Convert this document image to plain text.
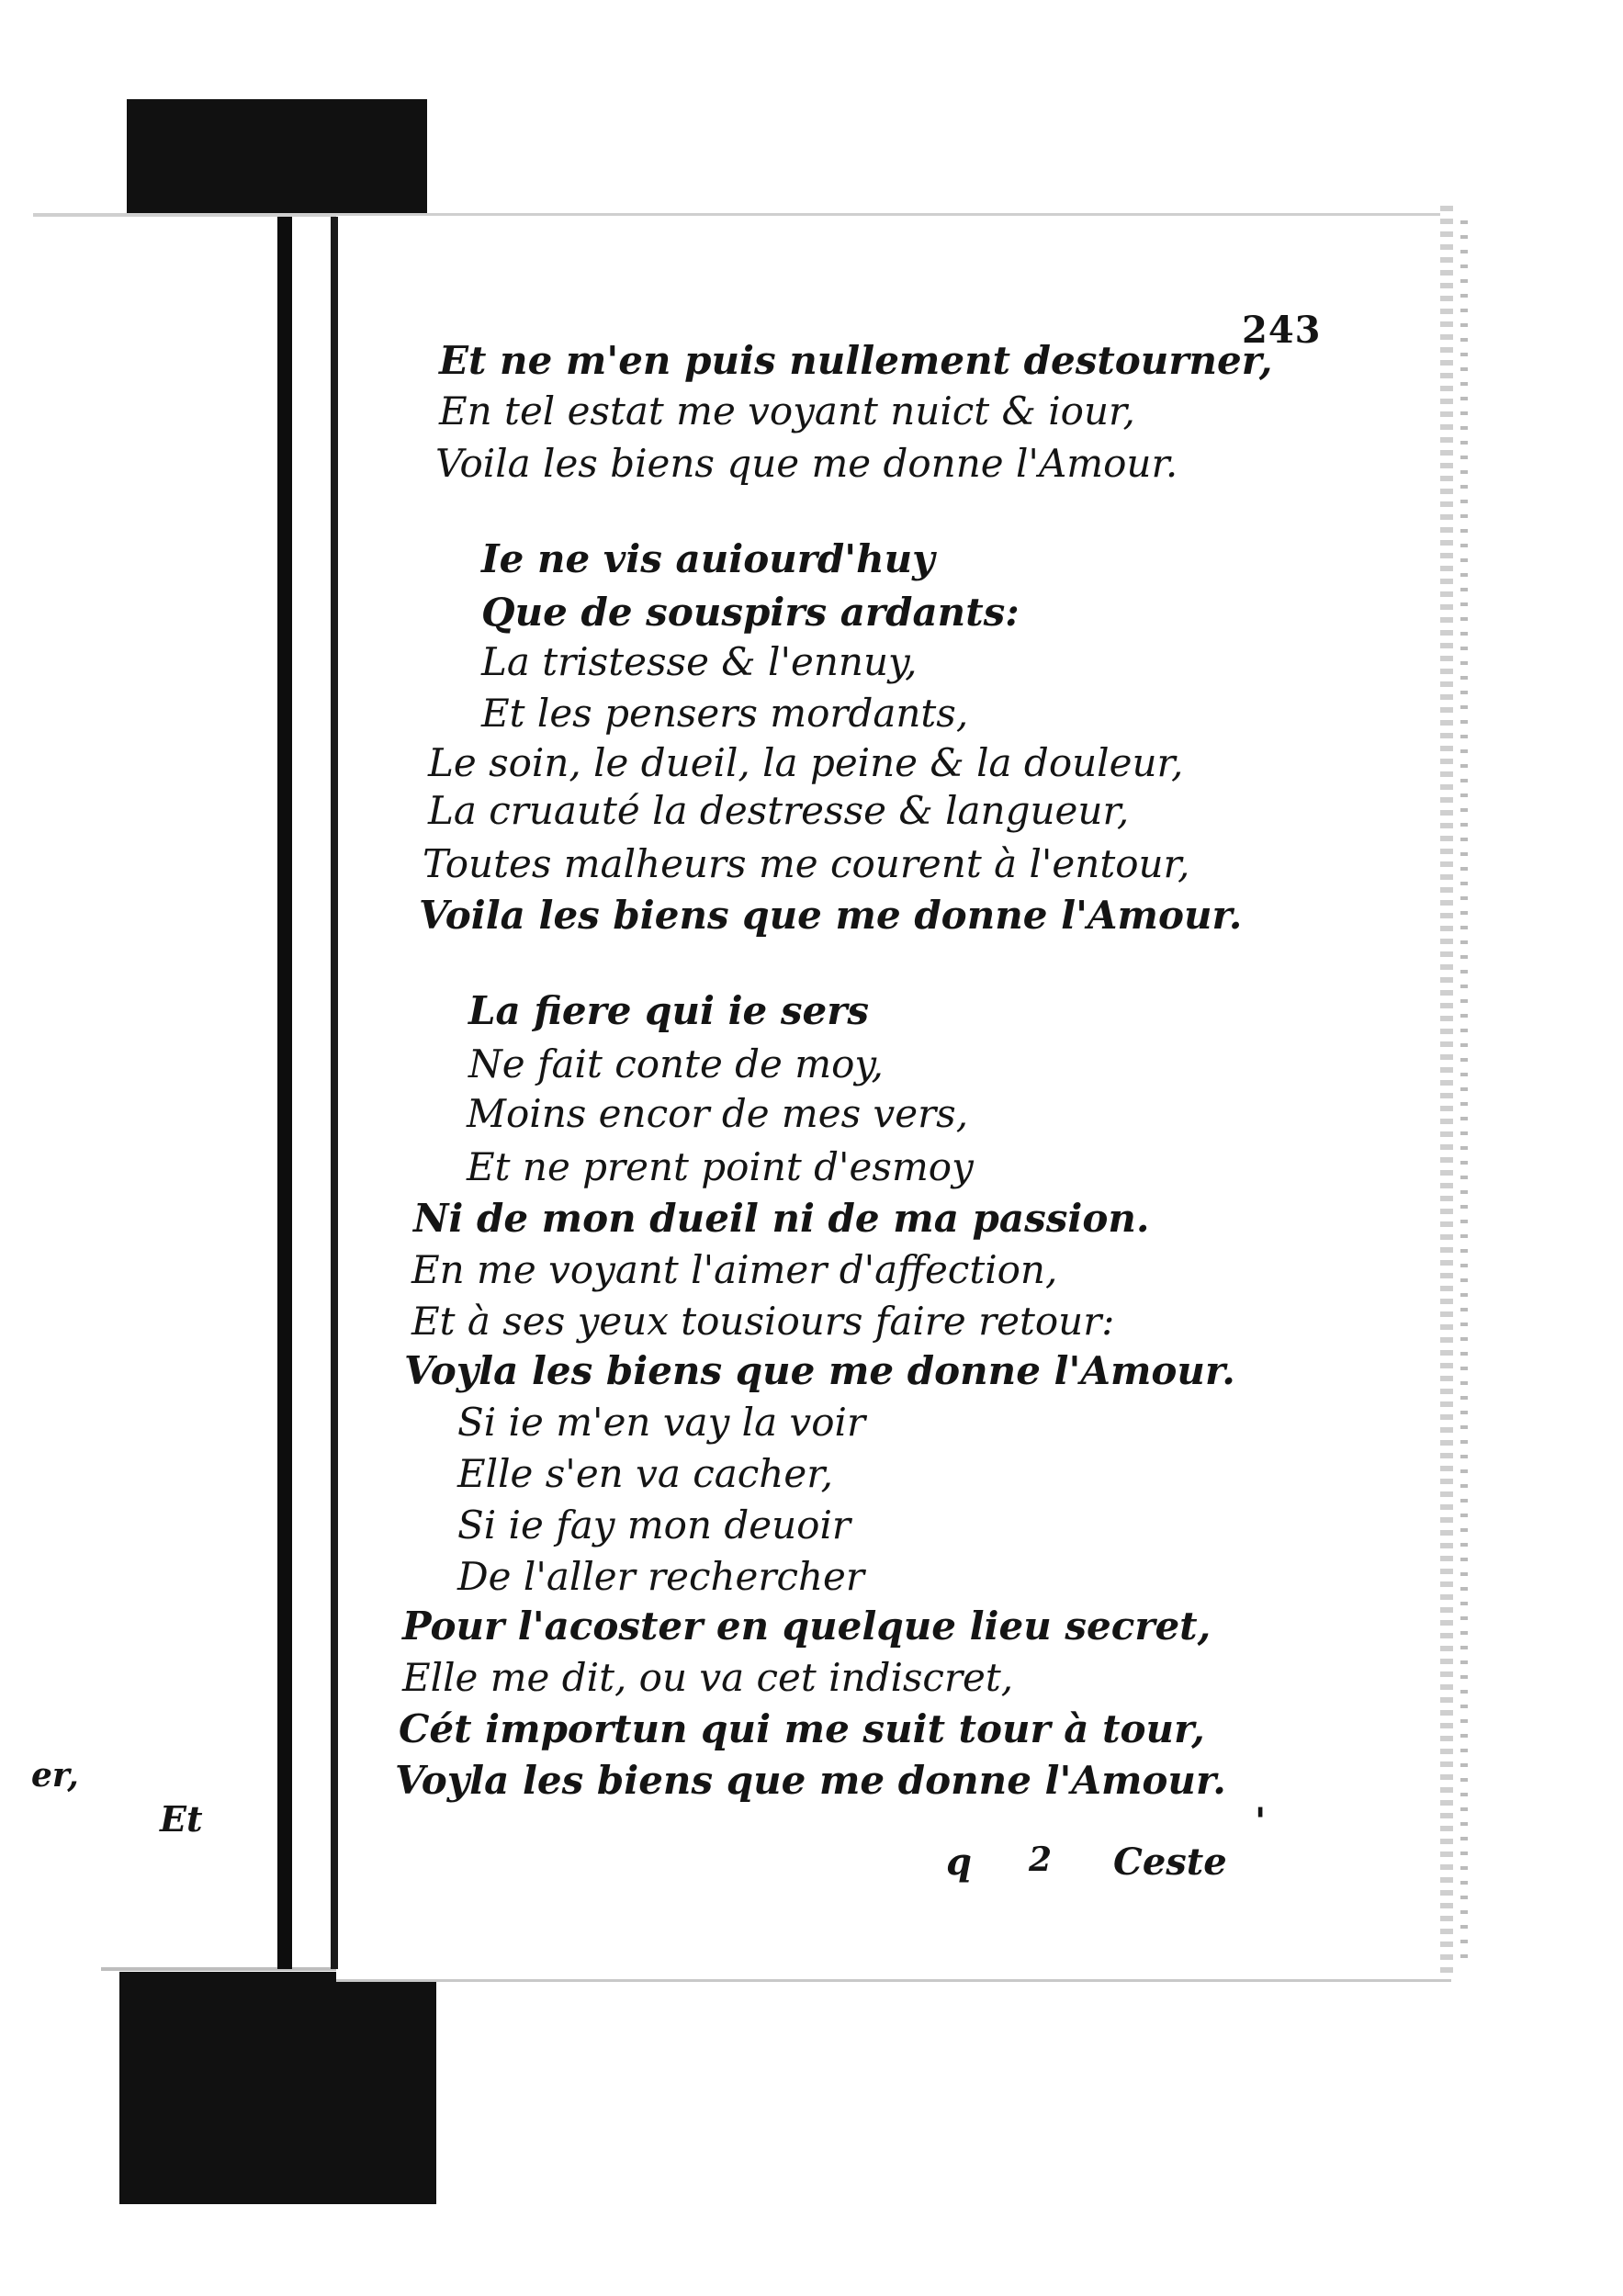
er,
Et
243
Et ne m'en puis nullement destourner,
En tel estat me voyant nuict & iour,
Voila les biens que me donne l'Amour.
Ie ne vis auiourd'huy
Que de souspirs ardants:
La tristesse & l'ennuy,
Et les pensers mordants,
Le soin, le dueil, la peine & la douleur,
La cruauté la destresse & langueur,
Toutes malheurs me courent à l'entour,
Voila les biens que me donne l'Amour.
La fiere qui ie sers
Ne fait conte de moy,
Moins encor de mes vers,
Et ne prent point d'esmoy
Ni de mon dueil ni de ma passion.
En me voyant l'aimer d'affection,
Et à ses yeux tousiours faire retour:
Voyla les biens que me donne l'Amour.
Si ie m'en vay la voir
Elle s'en va cacher,
Si ie fay mon deuoir
De l'aller rechercher
Pour l'acoster en quelque lieu secret,
Elle me dit, ou va cet indiscret,
Cét importun qui me suit tour à tour,
Voyla les biens que me donne l'Amour.
q 2 Ceste
'
